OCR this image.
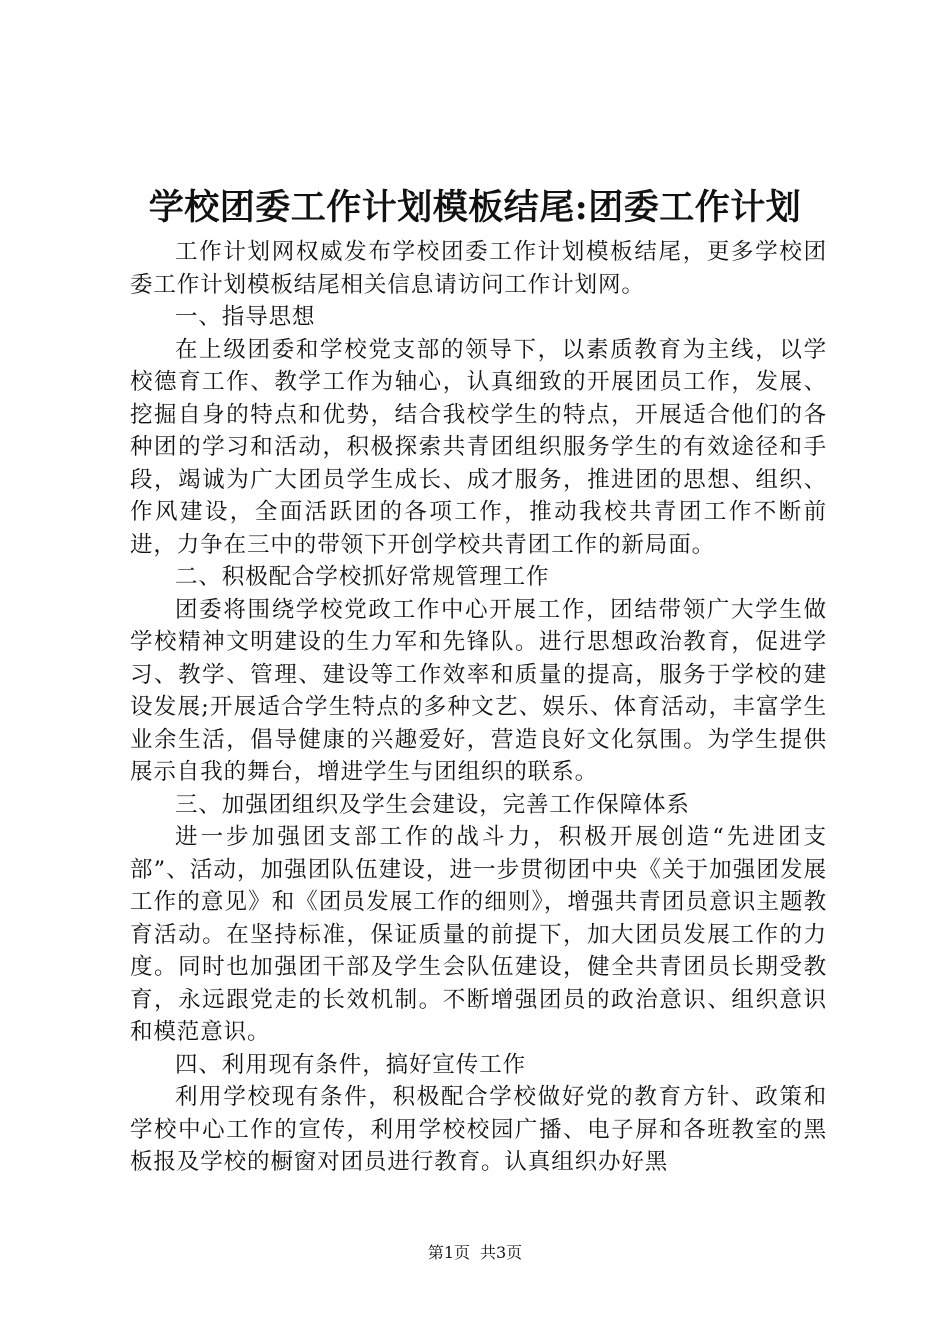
学校团委工作计划模板结尾:团委工作计划

工作计划网权威发布学校团委工作计划模板结尾，更多学校团委工作计划模板结尾相关信息请访问工作计划网。

一、指导思想

在上级团委和学校党支部的领导下，以素质教育为主线，以学校德育工作、教学工作为轴心，认真细致的开展团员工作，发展、挖掘自身的特点和优势，结合我校学生的特点，开展适合他们的各种团的学习和活动，积极探索共青团组织服务学生的有效途径和手段，竭诚为广大团员学生成长、成才服务，推进团的思想、组织、作风建设，全面活跃团的各项工作，推动我校共青团工作不断前进，力争在三中的带领下开创学校共青团工作的新局面。

二、积极配合学校抓好常规管理工作

团委将围绕学校党政工作中心开展工作，团结带领广大学生做学校精神文明建设的生力军和先锋队。进行思想政治教育，促进学习、教学、管理、建设等工作效率和质量的提高，服务于学校的建设发展;开展适合学生特点的多种文艺、娱乐、体育活动，丰富学生业余生活，倡导健康的兴趣爱好，营造良好文化氛围。为学生提供展示自我的舞台，增进学生与团组织的联系。

三、加强团组织及学生会建设，完善工作保障体系

进一步加强团支部工作的战斗力，积极开展创造“先进团支部”、活动，加强团队伍建设，进一步贯彻团中央《关于加强团发展工作的意见》和《团员发展工作的细则》，增强共青团员意识主题教育活动。在坚持标准，保证质量的前提下，加大团员发展工作的力度。同时也加强团干部及学生会队伍建设，健全共青团员长期受教育，永远跟党走的长效机制。不断增强团员的政治意识、组织意识和模范意识。

四、利用现有条件，搞好宣传工作

利用学校现有条件，积极配合学校做好党的教育方针、政策和学校中心工作的宣传，利用学校校园广播、电子屏和各班教室的黑板报及学校的橱窗对团员进行教育。认真组织办好黑

第1页 共3页
